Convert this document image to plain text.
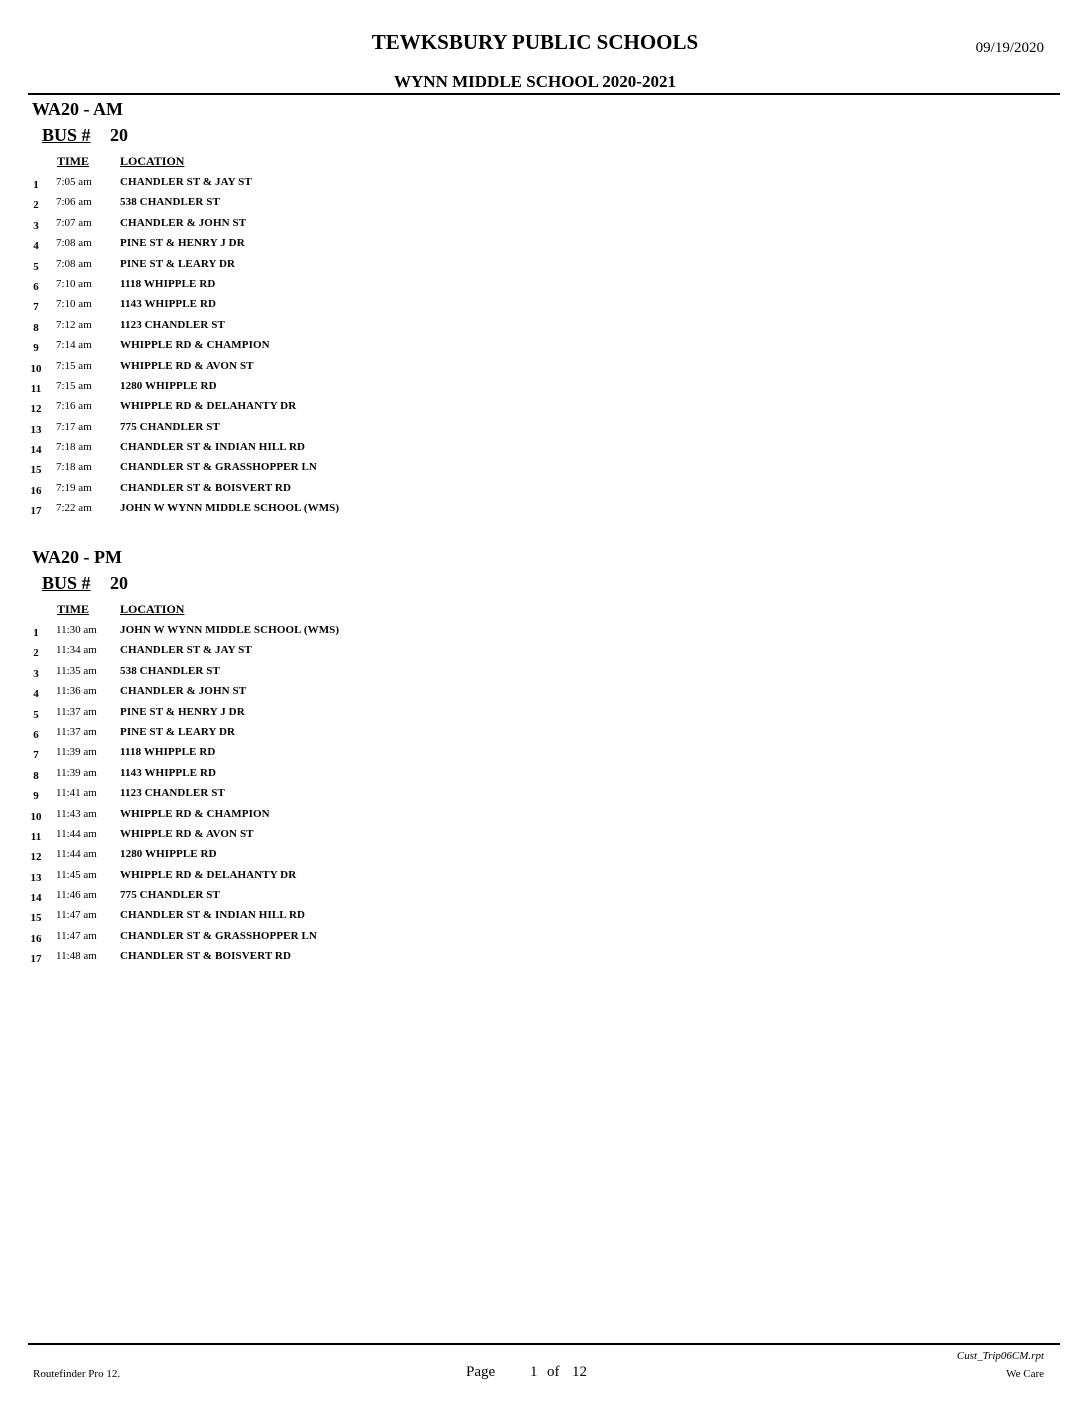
TEWKSBURY PUBLIC SCHOOLS
WYNN MIDDLE SCHOOL 2020-2021
09/19/2020
WA20 - AM
BUS # 20
TIME	LOCATION
1	7:05 am	CHANDLER ST & JAY ST
2	7:06 am	538 CHANDLER ST
3	7:07 am	CHANDLER & JOHN ST
4	7:08 am	PINE ST & HENRY J DR
5	7:08 am	PINE ST & LEARY DR
6	7:10 am	1118 WHIPPLE RD
7	7:10 am	1143 WHIPPLE RD
8	7:12 am	1123 CHANDLER ST
9	7:14 am	WHIPPLE RD & CHAMPION
10 7:15 am	WHIPPLE RD & AVON ST
11 7:15 am	1280 WHIPPLE RD
12 7:16 am	WHIPPLE RD & DELAHANTY DR
13 7:17 am	775 CHANDLER ST
14 7:18 am	CHANDLER ST & INDIAN HILL RD
15 7:18 am	CHANDLER ST & GRASSHOPPER LN
16 7:19 am	CHANDLER ST & BOISVERT RD
17 7:22 am	JOHN W WYNN MIDDLE SCHOOL (WMS)
WA20 - PM
BUS # 20
TIME	LOCATION
1	11:30 am JOHN W WYNN MIDDLE SCHOOL (WMS)
2	11:34 am CHANDLER ST & JAY ST
3	11:35 am 538 CHANDLER ST
4	11:36 am CHANDLER & JOHN ST
5	11:37 am PINE ST & HENRY J DR
6	11:37 am PINE ST & LEARY DR
7	11:39 am 1118 WHIPPLE RD
8	11:39 am 1143 WHIPPLE RD
9	11:41 am 1123 CHANDLER ST
10 11:43 am WHIPPLE RD & CHAMPION
11 11:44 am WHIPPLE RD & AVON ST
12 11:44 am 1280 WHIPPLE RD
13 11:45 am WHIPPLE RD & DELAHANTY DR
14 11:46 am 775 CHANDLER ST
15 11:47 am CHANDLER ST & INDIAN HILL RD
16 11:47 am CHANDLER ST & GRASSHOPPER LN
17 11:48 am CHANDLER ST & BOISVERT RD
Routefinder Pro 12.	Page 1 of 12
Cust_Trip06CM.rpt
We Care
